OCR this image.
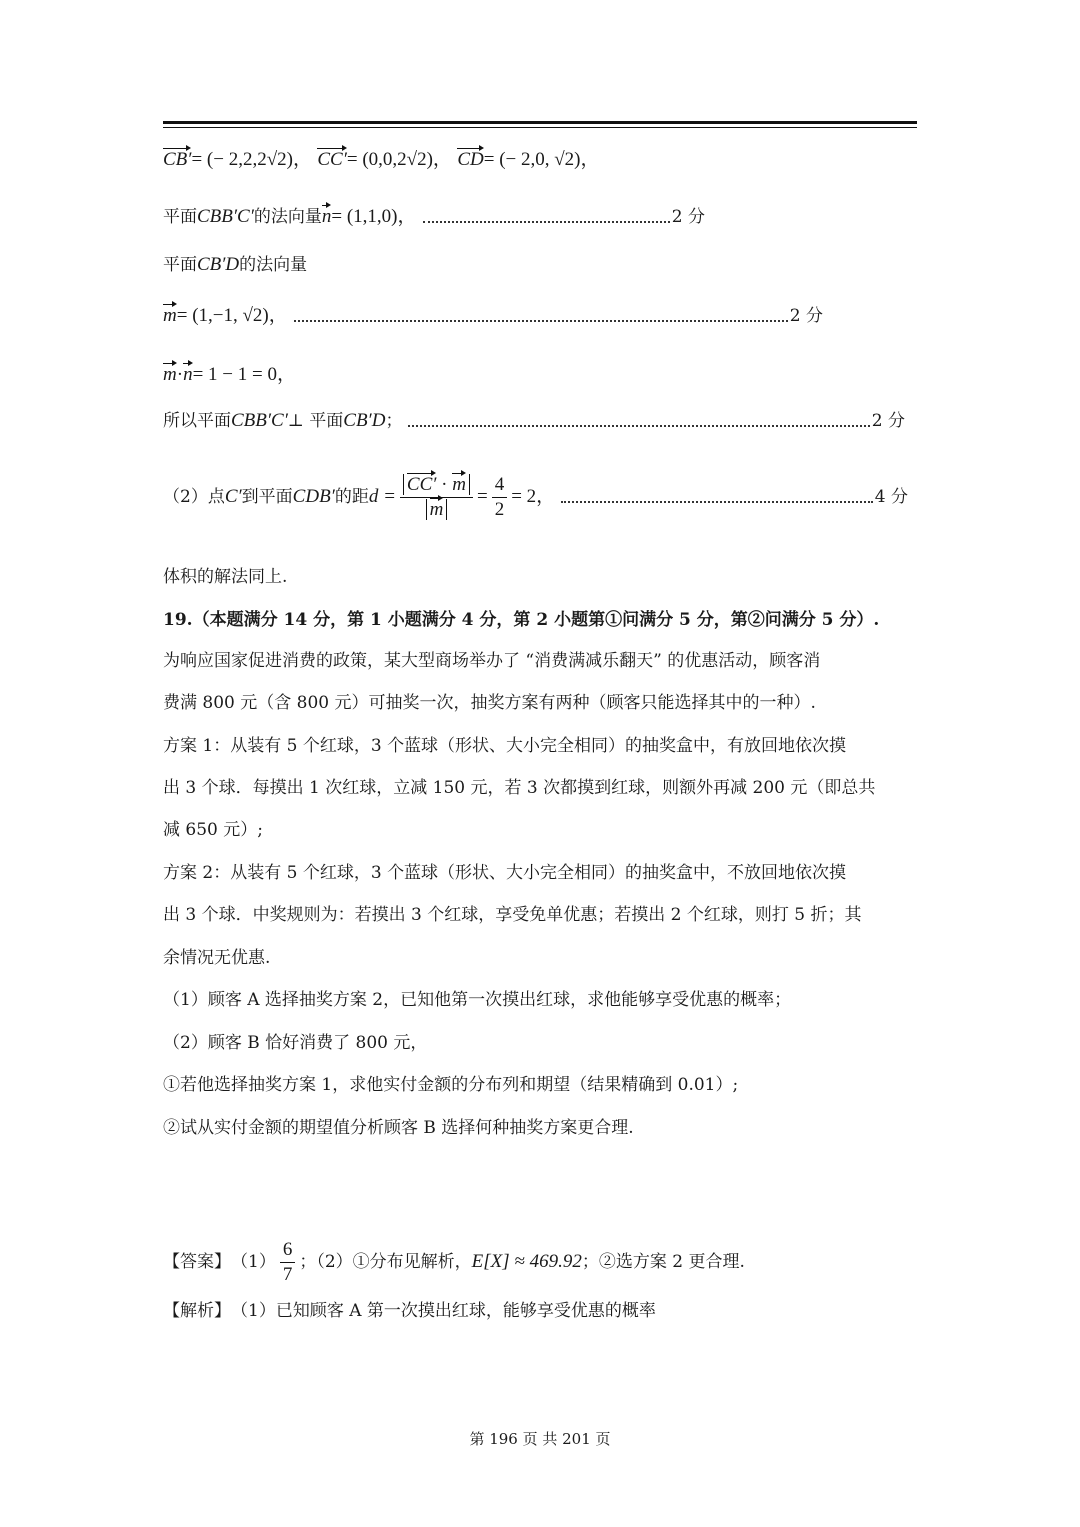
CB′ = (− 2,2,2√2)，
CC′ = (0,0,2√2)，
CD = (− 2,0, √2)，
平面 CBB′C′ 的法向量 n = (1,1,0)，	2 分
平面 CB′D 的法向量
m = (1,−1, √2)，	2 分
m · n = 1 − 1 = 0，
所以平面 CBB′C′ ⊥ 平面 CB′D ；	2 分
（2）点 C′ 到平面 CDB′ 的距 $d = \frac{CC' \cdot m}{m} = \frac{4}{2} = 2$，	4 分
体积的解法同上.
19.（本题满分 14 分，第 1 小题满分 4 分，第 2 小题第①问满分 5 分，第②问满分 5 分）.
为响应国家促进消费的政策，某大型商场举办了 “消费满减乐翻天” 的优惠活动，顾客消
费满 800 元（含 800 元）可抽奖一次，抽奖方案有两种（顾客只能选择其中的一种）.
方案 1：从装有 5 个红球，3 个蓝球（形状、大小完全相同）的抽奖盒中，有放回地依次摸
出 3 个球．每摸出 1 次红球，立减 150 元，若 3 次都摸到红球，则额外再减 200 元（即总共
减 650 元）;
方案 2：从装有 5 个红球，3 个蓝球（形状、大小完全相同）的抽奖盒中，不放回地依次摸
出 3 个球．中奖规则为：若摸出 3 个红球，享受免单优惠；若摸出 2 个红球，则打 5 折；其
余情况无优惠.
（1）顾客 A 选择抽奖方案 2，已知他第一次摸出红球，求他能够享受优惠的概率；
（2）顾客 B 恰好消费了 800 元，
①若他选择抽奖方案 1，求他实付金额的分布列和期望（结果精确到 0.01）;
②试从实付金额的期望值分析顾客 B 选择何种抽奖方案更合理.
【答案】 $(1) \frac{6}{7}$ ；（2）①分布见解析， E[X] ≈ 469.92 ；②选方案 2 更合理.
【解析】 （1）已知顾客 A 第一次摸出红球，能够享受优惠的概率
第 196 页 共 201 页
